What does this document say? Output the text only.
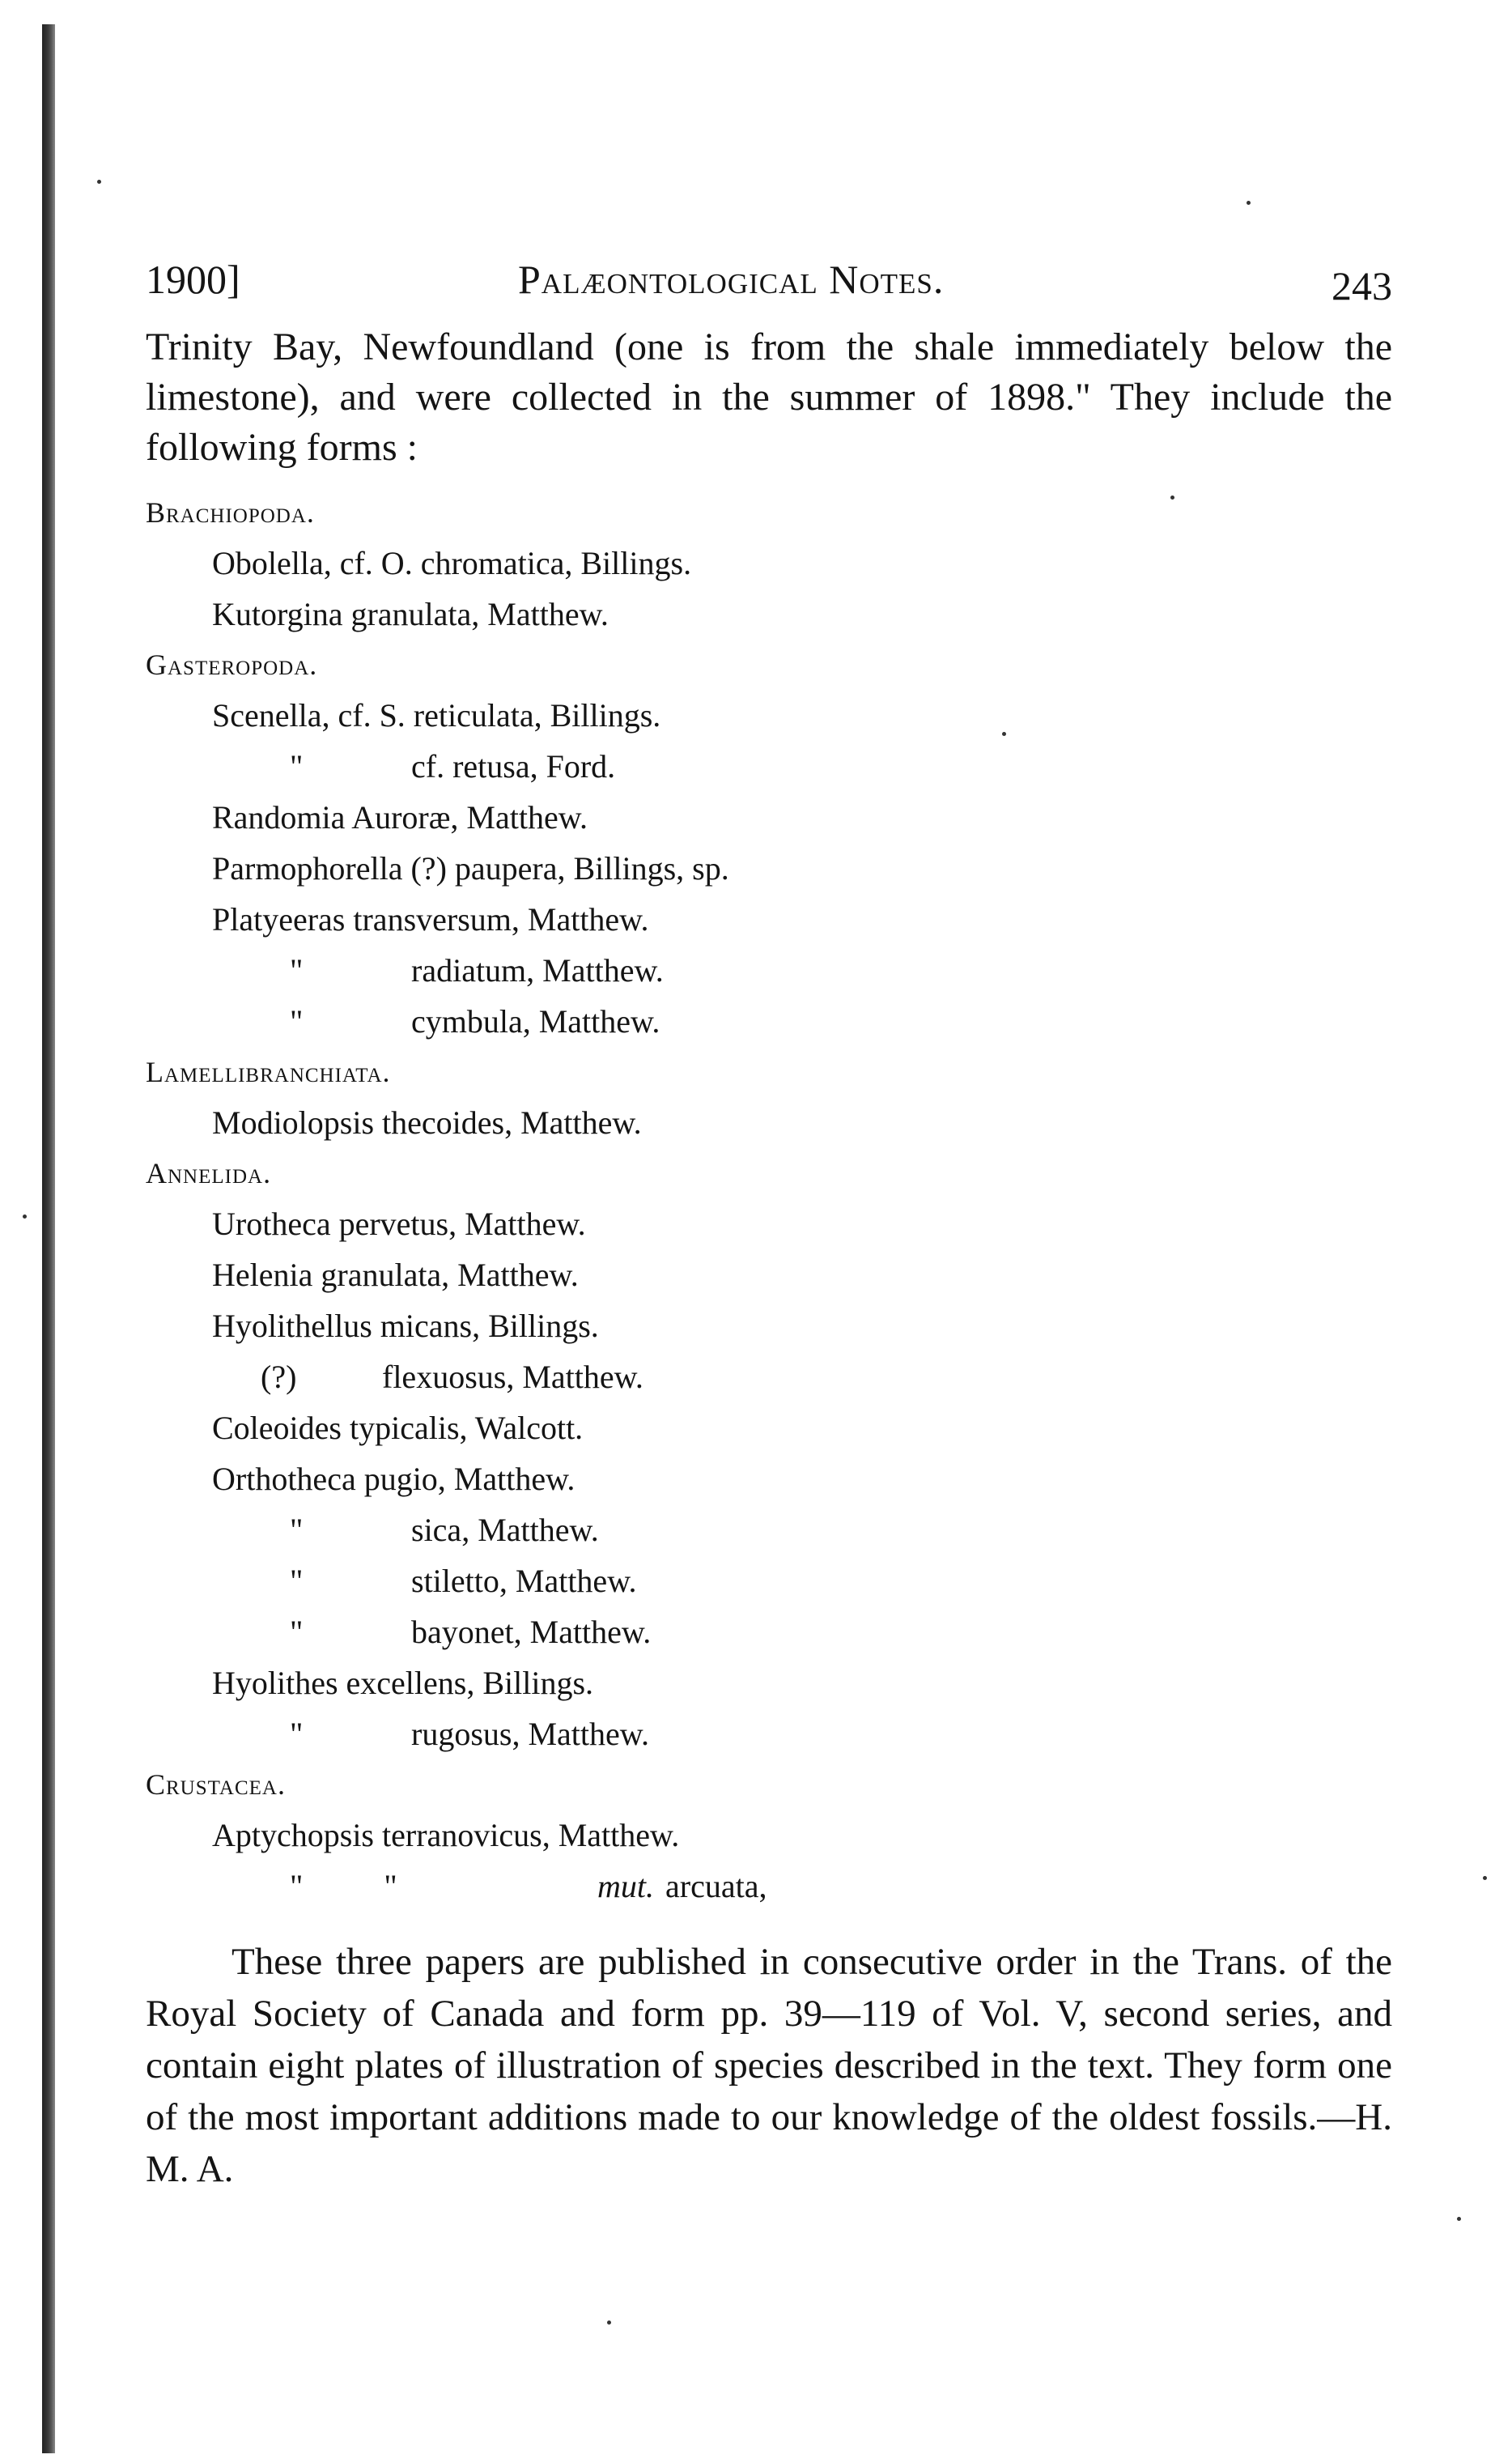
1900]	Palæontological Notes.	243
Trinity Bay, Newfoundland (one is from the shale immediately below the limestone), and were collected in the summer of 1898." They include the following forms :
Brachiopoda.
Obolella, cf. O. chromatica, Billings.
Kutorgina granulata, Matthew.
Gasteropoda.
Scenella, cf. S. reticulata, Billings.
"	cf. retusa, Ford.
Randomia Auroræ, Matthew.
Parmophorella (?) paupera, Billings, sp.
Platyeeras transversum, Matthew.
"	radiatum, Matthew.
"	cymbula, Matthew.
Lamellibranchiata.
Modiolopsis thecoides, Matthew.
Annelida.
Urotheca pervetus, Matthew.
Helenia granulata, Matthew.
Hyolithellus micans, Billings.
(?)	flexuosus, Matthew.
Coleoides typicalis, Walcott.
Orthotheca pugio, Matthew.
"	sica, Matthew.
"	stiletto, Matthew.
"	bayonet, Matthew.
Hyolithes excellens, Billings.
"	rugosus, Matthew.
Crustacea.
Aptychopsis terranovicus, Matthew.
"          "	mut. arcuata,
These three papers are published in consecutive order in the Trans. of the Royal Society of Canada and form pp. 39—119 of Vol. V, second series, and contain eight plates of illustration of species described in the text. They form one of the most important additions made to our knowledge of the oldest fossils.—H. M. A.
